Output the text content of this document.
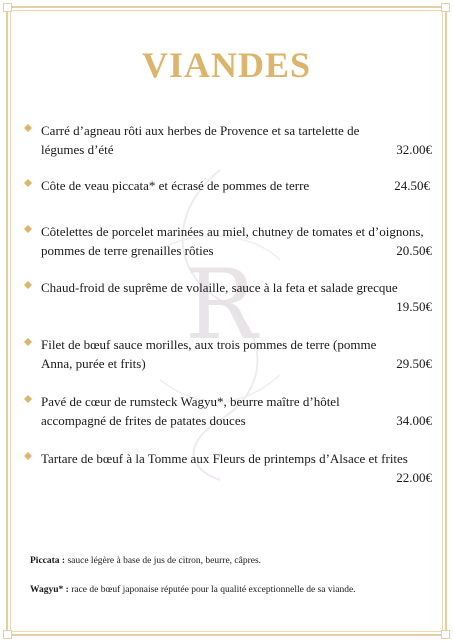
R
VIANDES
Carré d’agneau rôti aux herbes de Provence et sa tartelette de légumes d’été	32.00€
Côte de veau piccata* et écrasé de pommes de terre	24.50€
Côtelettes de porcelet marinées au miel, chutney de tomates et d’oignons, pommes de terre grenailles rôties	20.50€
Chaud-froid de suprême de volaille, sauce à la feta et salade grecque
19.50€
Filet de bœuf sauce morilles, aux trois pommes de terre (pomme Anna, purée et frits)	29.50€
Pavé de cœur de rumsteck Wagyu*, beurre maître d’hôtel accompagné de frites de patates douces	34.00€
Tartare de bœuf à la Tomme aux Fleurs de printemps d’Alsace et frites
22.00€
Piccata : sauce légère à base de jus de citron, beurre, câpres.
Wagyu* : race de bœuf japonaise réputée pour la qualité exceptionnelle de sa viande.
